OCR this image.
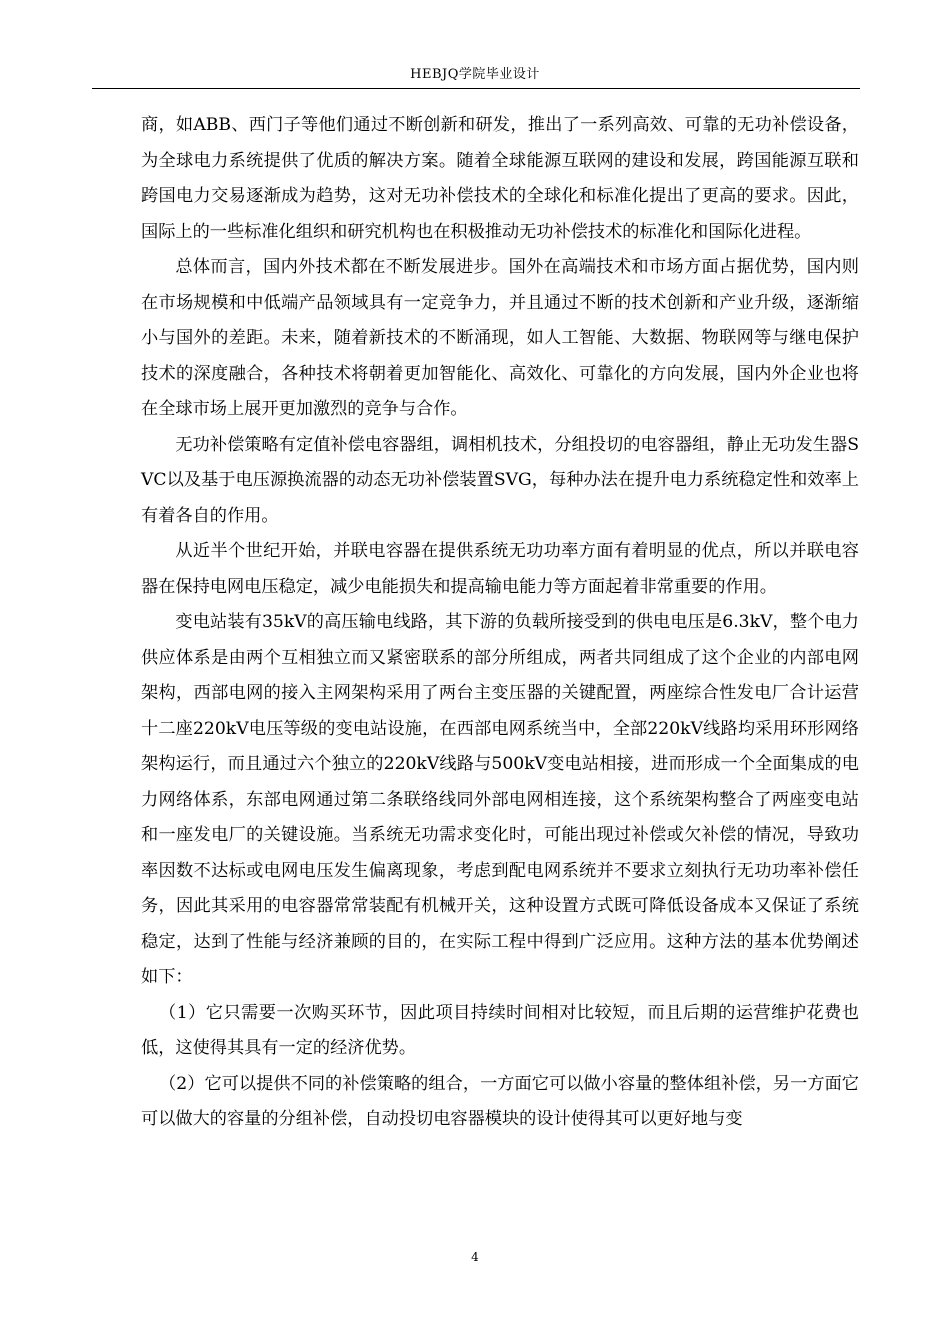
HEBJQ学院毕业设计

商，如ABB、西门子等他们通过不断创新和研发，推出了一系列高效、可靠的无功补偿设备，为全球电力系统提供了优质的解决方案。随着全球能源互联网的建设和发展，跨国能源互联和跨国电力交易逐渐成为趋势，这对无功补偿技术的全球化和标准化提出了更高的要求。因此，国际上的一些标准化组织和研究机构也在积极推动无功补偿技术的标准化和国际化进程。

总体而言，国内外技术都在不断发展进步。国外在高端技术和市场方面占据优势，国内则在市场规模和中低端产品领域具有一定竞争力，并且通过不断的技术创新和产业升级，逐渐缩小与国外的差距。未来，随着新技术的不断涌现，如人工智能、大数据、物联网等与继电保护技术的深度融合，各种技术将朝着更加智能化、高效化、可靠化的方向发展，国内外企业也将在全球市场上展开更加激烈的竞争与合作。

无功补偿策略有定值补偿电容器组，调相机技术，分组投切的电容器组，静止无功发生器SVC以及基于电压源换流器的动态无功补偿装置SVG，每种办法在提升电力系统稳定性和效率上有着各自的作用。

从近半个世纪开始，并联电容器在提供系统无功功率方面有着明显的优点，所以并联电容器在保持电网电压稳定，减少电能损失和提高输电能力等方面起着非常重要的作用。

变电站装有35kV的高压输电线路，其下游的负载所接受到的供电电压是6.3kV，整个电力供应体系是由两个互相独立而又紧密联系的部分所组成，两者共同组成了这个企业的内部电网架构，西部电网的接入主网架构采用了两台主变压器的关键配置，两座综合性发电厂合计运营十二座220kV电压等级的变电站设施，在西部电网系统当中，全部220kV线路均采用环形网络架构运行，而且通过六个独立的220kV线路与500kV变电站相接，进而形成一个全面集成的电力网络体系，东部电网通过第二条联络线同外部电网相连接，这个系统架构整合了两座变电站和一座发电厂的关键设施。当系统无功需求变化时，可能出现过补偿或欠补偿的情况，导致功率因数不达标或电网电压发生偏离现象，考虑到配电网系统并不要求立刻执行无功功率补偿任务，因此其采用的电容器常常装配有机械开关，这种设置方式既可降低设备成本又保证了系统稳定，达到了性能与经济兼顾的目的，在实际工程中得到广泛应用。这种方法的基本优势阐述如下：

（1）它只需要一次购买环节，因此项目持续时间相对比较短，而且后期的运营维护花费也低，这使得其具有一定的经济优势。

（2）它可以提供不同的补偿策略的组合，一方面它可以做小容量的整体组补偿，另一方面它可以做大的容量的分组补偿，自动投切电容器模块的设计使得其可以更好地与变

4
